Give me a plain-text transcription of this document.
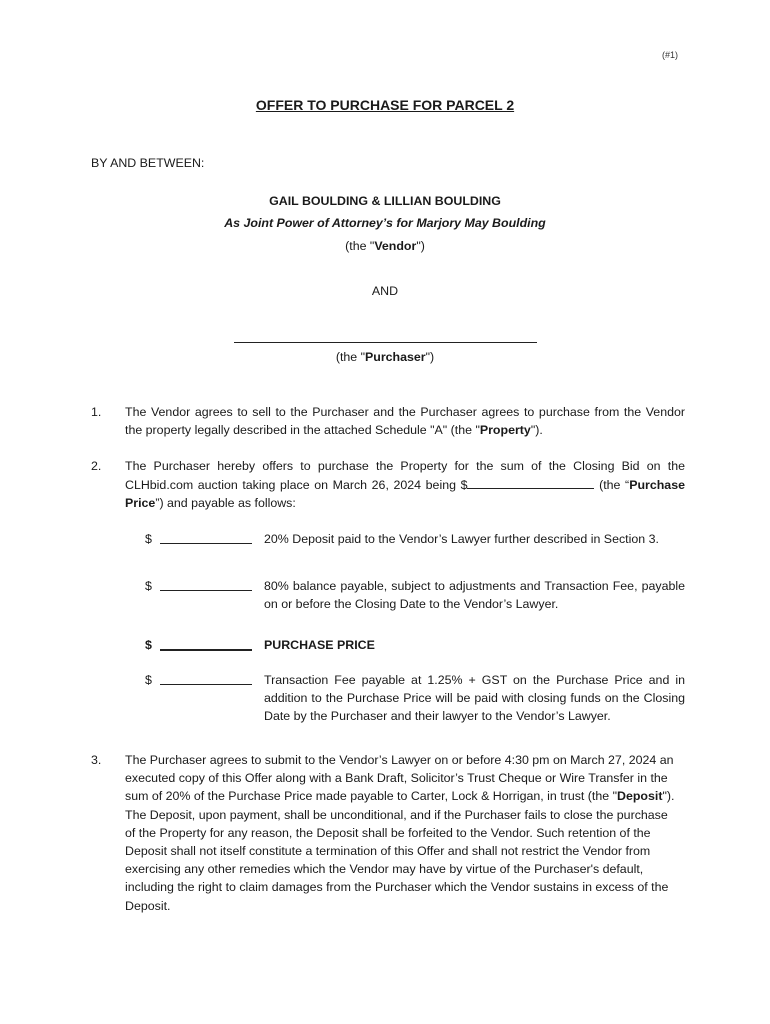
(#1)
OFFER TO PURCHASE FOR PARCEL 2
BY AND BETWEEN:
GAIL BOULDING & LILLIAN BOULDING
As Joint Power of Attorney’s for Marjory May Boulding
(the "Vendor")
AND
(the "Purchaser")
1. The Vendor agrees to sell to the Purchaser and the Purchaser agrees to purchase from the Vendor the property legally described in the attached Schedule "A" (the "Property").
2. The Purchaser hereby offers to purchase the Property for the sum of the Closing Bid on the CLHbid.com auction taking place on March 26, 2024 being $	(the “Purchase Price”) and payable as follows:
$	20% Deposit paid to the Vendor’s Lawyer further described in Section 3.
$	80% balance payable, subject to adjustments and Transaction Fee, payable on or before the Closing Date to the Vendor’s Lawyer.
$	PURCHASE PRICE
$	Transaction Fee payable at 1.25% + GST on the Purchase Price and in addition to the Purchase Price will be paid with closing funds on the Closing Date by the Purchaser and their lawyer to the Vendor’s Lawyer.
3. The Purchaser agrees to submit to the Vendor’s Lawyer on or before 4:30 pm on March 27, 2024 an executed copy of this Offer along with a Bank Draft, Solicitor’s Trust Cheque or Wire Transfer in the sum of 20% of the Purchase Price made payable to Carter, Lock & Horrigan, in trust (the "Deposit"). The Deposit, upon payment, shall be unconditional, and if the Purchaser fails to close the purchase of the Property for any reason, the Deposit shall be forfeited to the Vendor. Such retention of the Deposit shall not itself constitute a termination of this Offer and shall not restrict the Vendor from exercising any other remedies which the Vendor may have by virtue of the Purchaser's default, including the right to claim damages from the Purchaser which the Vendor sustains in excess of the Deposit.
